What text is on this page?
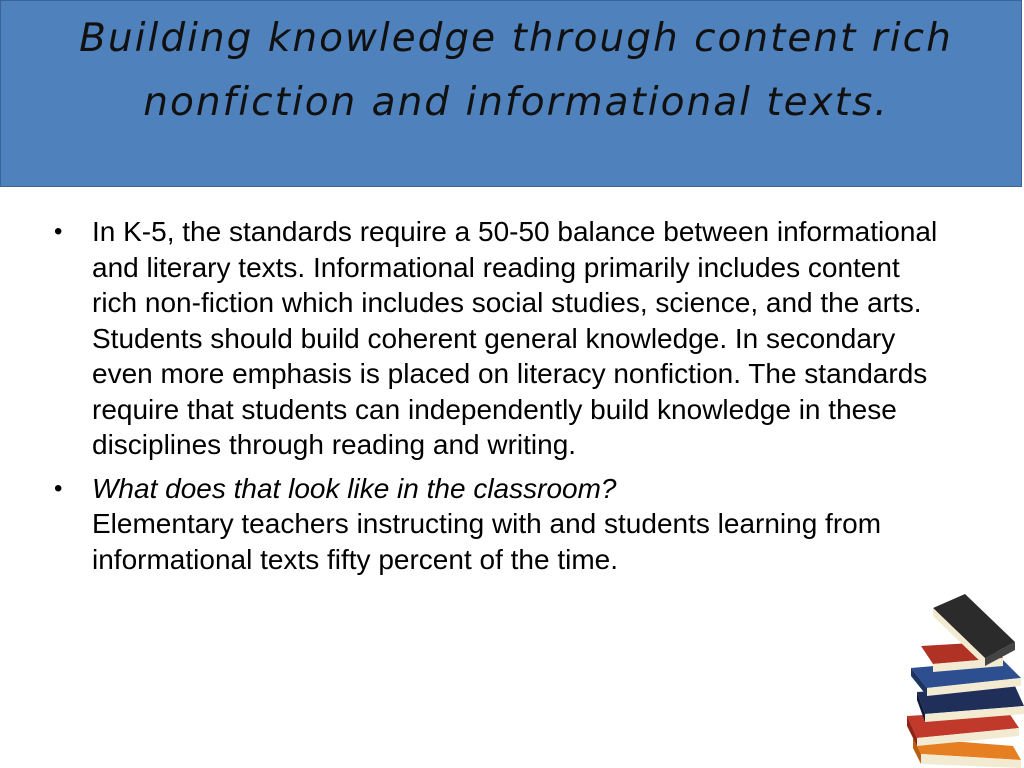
Building knowledge through content rich nonfiction and informational texts.
• In K-5, the standards require a 50-50 balance between informational and literary texts. Informational reading primarily includes content rich non-fiction which includes social studies, science, and the arts. Students should build coherent general knowledge. In secondary even more emphasis is placed on literacy nonfiction. The standards require that students can independently build knowledge in these disciplines through reading and writing.
• What does that look like in the classroom?
Elementary teachers instructing with and students learning from informational texts fifty percent of the time.
